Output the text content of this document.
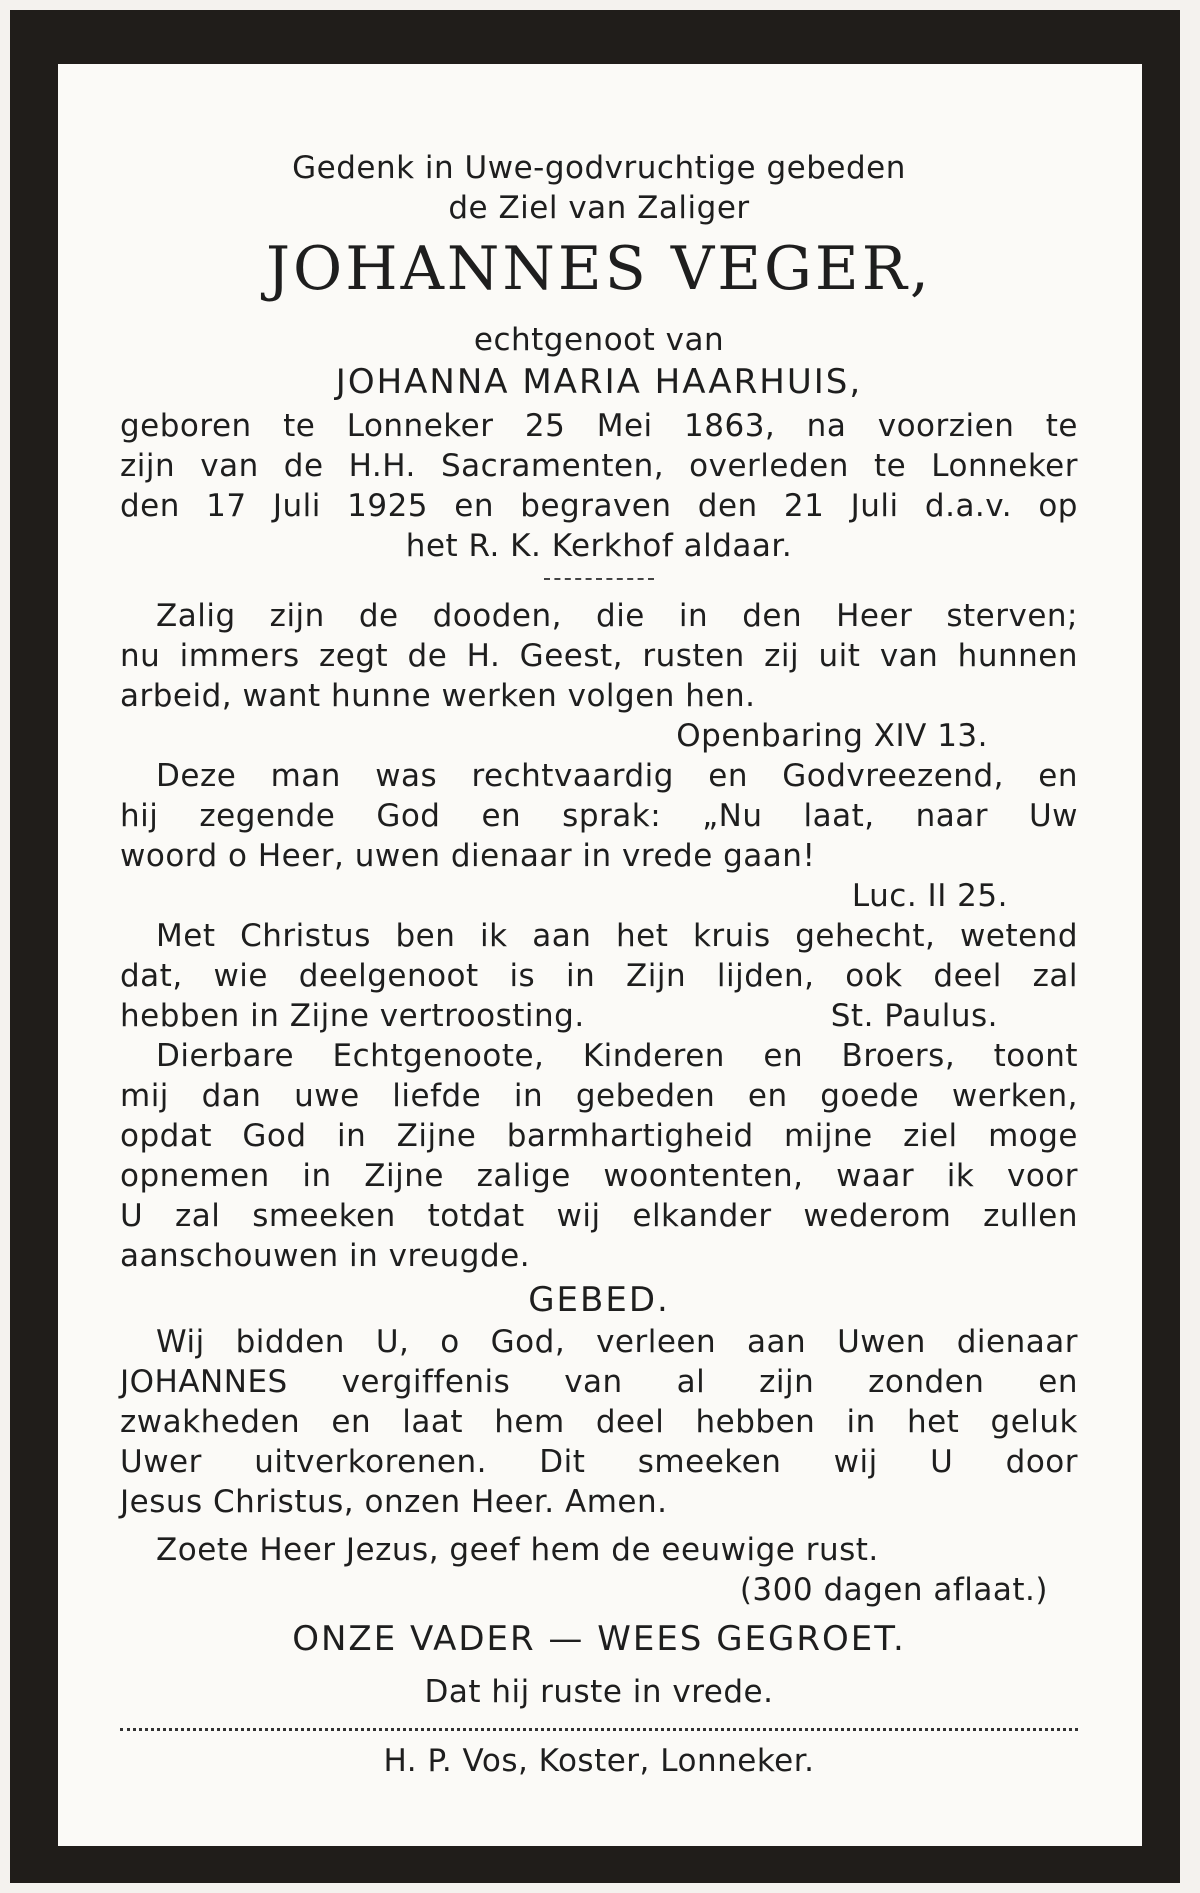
Gedenk in Uwe-godvruchtige gebeden
de Ziel van Zaliger
JOHANNES VEGER,
echtgenoot van
JOHANNA MARIA HAARHUIS,
geboren te Lonneker 25 Mei 1863, na voorzien te
zijn van de H.H. Sacramenten, overleden te Lonneker
den 17 Juli 1925 en begraven den 21 Juli d.a.v. op
het R. K. Kerkhof aldaar.
Zalig zijn de dooden, die in den Heer sterven;
nu immers zegt de H. Geest, rusten zij uit van hunnen
arbeid, want hunne werken volgen hen.
Openbaring XIV 13.
Deze man was rechtvaardig en Godvreezend, en
hij zegende God en sprak: „Nu laat, naar Uw
woord o Heer, uwen dienaar in vrede gaan!
Luc. II 25.
Met Christus ben ik aan het kruis gehecht, wetend
dat, wie deelgenoot is in Zijn lijden, ook deel zal
hebben in Zijne vertroosting.	St. Paulus.
Dierbare Echtgenoote, Kinderen en Broers, toont
mij dan uwe liefde in gebeden en goede werken,
opdat God in Zijne barmhartigheid mijne ziel moge
opnemen in Zijne zalige woontenten, waar ik voor
U zal smeeken totdat wij elkander wederom zullen
aanschouwen in vreugde.
GEBED.
Wij bidden U, o God, verleen aan Uwen dienaar
JOHANNES vergiffenis van al zijn zonden en
zwakheden en laat hem deel hebben in het geluk
Uwer uitverkorenen. Dit smeeken wij U door
Jesus Christus, onzen Heer. Amen.
Zoete Heer Jezus, geef hem de eeuwige rust.
(300 dagen aflaat.)
ONZE VADER — WEES GEGROET.
Dat hij ruste in vrede.
H. P. Vos, Koster, Lonneker.
